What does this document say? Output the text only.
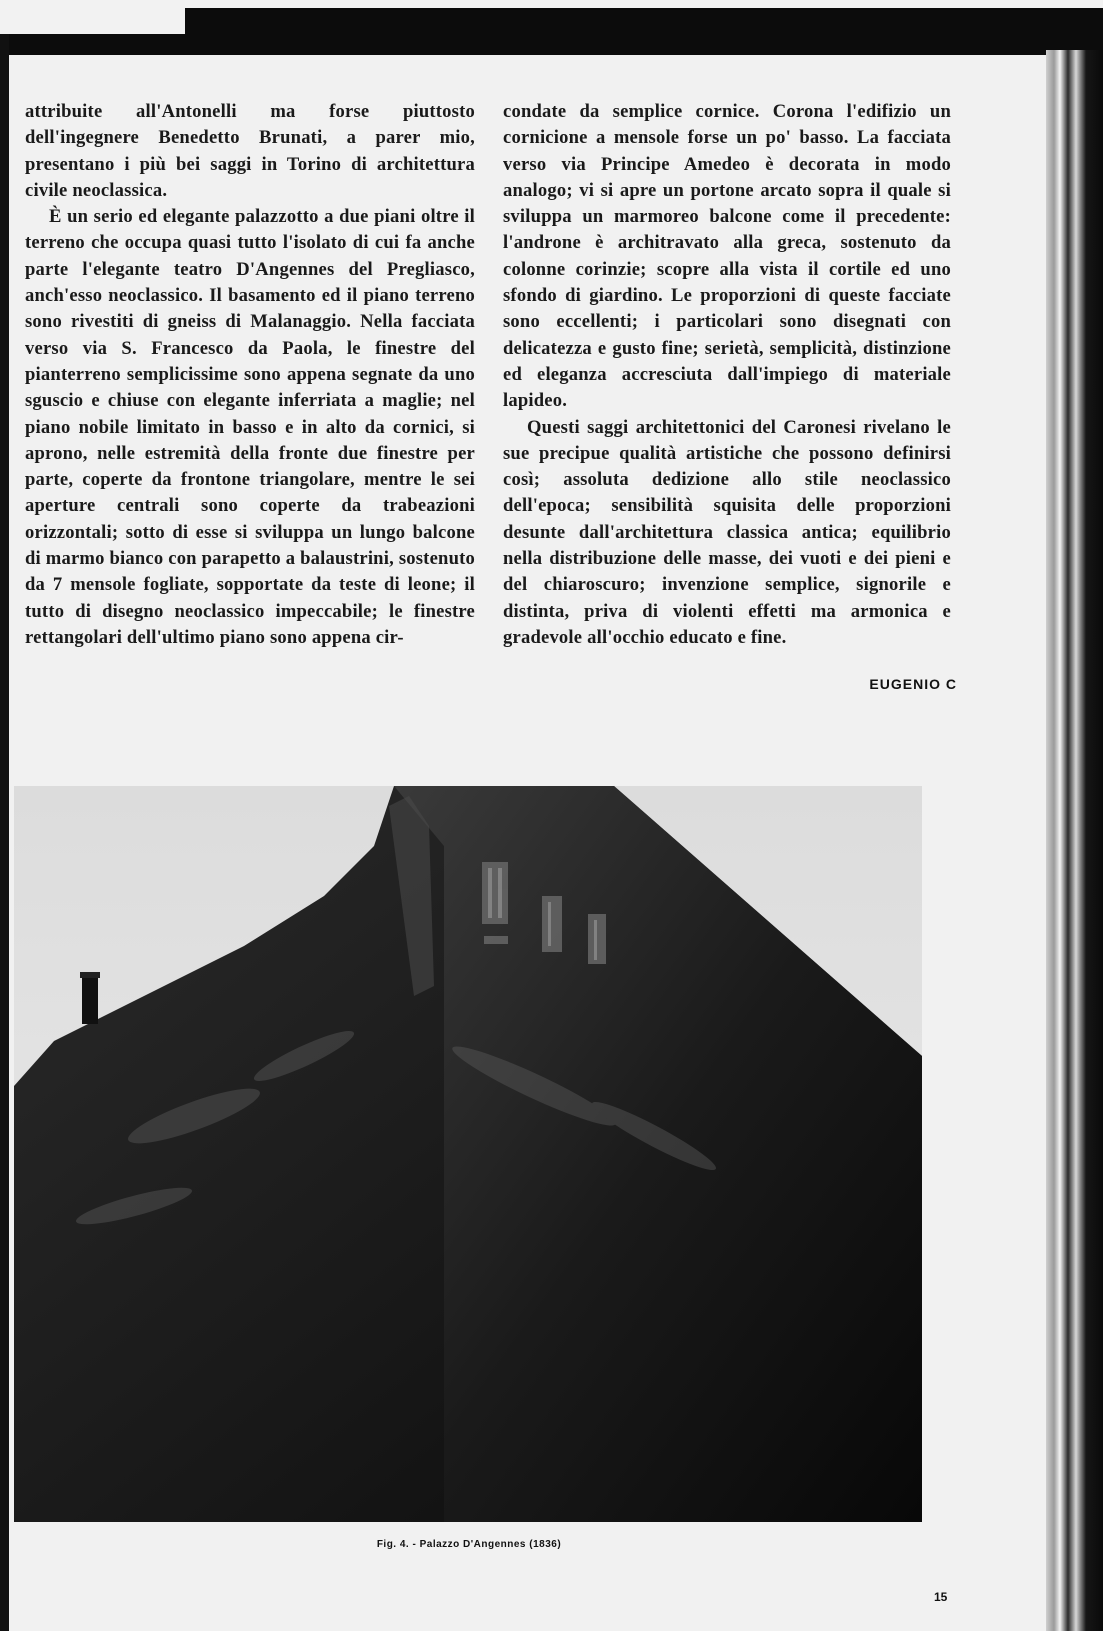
attribuite all'Antonelli ma forse piuttosto dell'ingegnere Benedetto Brunati, a parer mio, presentano i più bei saggi in Torino di architettura civile neoclassica.

È un serio ed elegante palazzotto a due piani oltre il terreno che occupa quasi tutto l'isolato di cui fa anche parte l'elegante teatro D'Angennes del Pregliasco, anch'esso neoclassico. Il basamento ed il piano terreno sono rivestiti di gneiss di Malanaggio. Nella facciata verso via S. Francesco da Paola, le finestre del pianterreno semplicissime sono appena segnate da uno sguscio e chiuse con elegante inferriata a maglie; nel piano nobile limitato in basso e in alto da cornici, si aprono, nelle estremità della fronte due finestre per parte, coperte da frontone triangolare, mentre le sei aperture centrali sono coperte da trabeazioni orizzontali; sotto di esse si sviluppa un lungo balcone di marmo bianco con parapetto a balaustrini, sostenuto da 7 mensole fogliate, sopportate da teste di leone; il tutto di disegno neoclassico impeccabile; le finestre rettangolari dell'ultimo piano sono appena cir-

condate da semplice cornice. Corona l'edifizio un cornicione a mensole forse un po' basso. La facciata verso via Principe Amedeo è decorata in modo analogo; vi si apre un portone arcato sopra il quale si sviluppa un marmoreo balcone come il precedente: l'androne è architravato alla greca, sostenuto da colonne corinzie; scopre alla vista il cortile ed uno sfondo di giardino. Le proporzioni di queste facciate sono eccellenti; i particolari sono disegnati con delicatezza e gusto fine; serietà, semplicità, distinzione ed eleganza accresciuta dall'impiego di materiale lapideo.

Questi saggi architettonici del Caronesi rivelano le sue precipue qualità artistiche che possono definirsi così; assoluta dedizione allo stile neoclassico dell'epoca; sensibilità squisita delle proporzioni desunte dall'architettura classica antica; equilibrio nella distribuzione delle masse, dei vuoti e dei pieni e del chiaroscuro; invenzione semplice, signorile e distinta, priva di violenti effetti ma armonica e gradevole all'occhio educato e fine.

EUGENIO C
Fig. 4. - Palazzo D'Angennes (1836)
15
